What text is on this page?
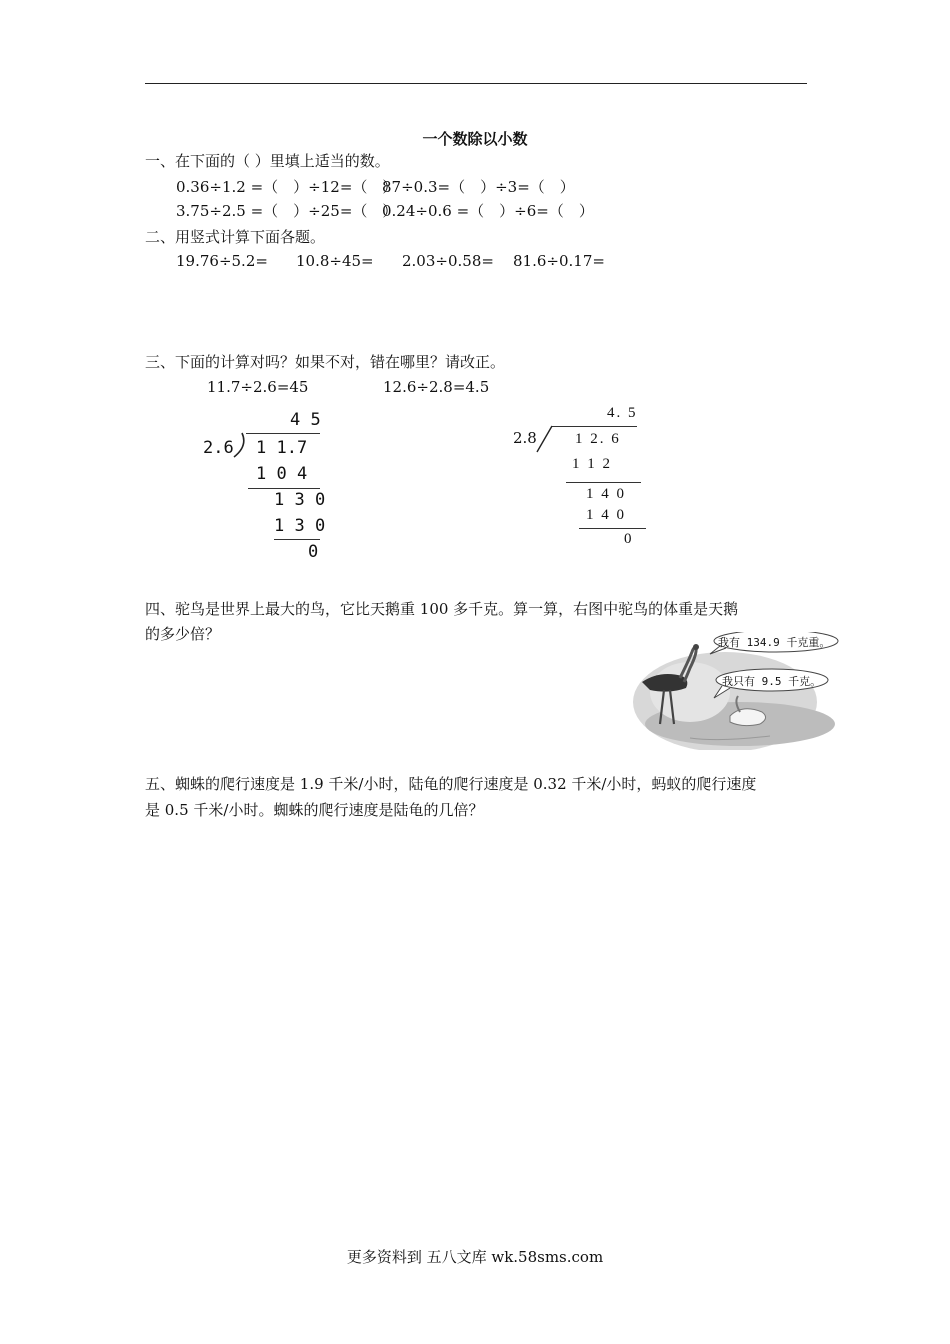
一个数除以小数
一、在下面的（ ）里填上适当的数。
0.36÷1.2 =（　）÷12=（　）
87÷0.3=（　）÷3=（　）
3.75÷2.5 =（　）÷25=（　）
0.24÷0.6 =（　）÷6=（　）
二、用竖式计算下面各题。
19.76÷5.2= 10.8÷45= 2.03÷0.58= 81.6÷0.17=
三、下面的计算对吗？如果不对，错在哪里？请改正。
11.7÷2.6=45	12.6÷2.8=4.5
4 5
2.6 1 1.7
1 0 4
1 3 0
1 3 0
0
4. 5
2.8	1 2. 6
1 1 2
1 4 0
1 4 0
0
四、驼鸟是世界上最大的鸟，它比天鹅重 100 多千克。算一算，右图中驼鸟的体重是天鹅
的多少倍？	我有 134.9 千克重。
我只有 9.5 千克。
五、蜘蛛的爬行速度是 1.9 千米/小时，陆龟的爬行速度是 0.32 千米/小时，蚂蚁的爬行速度
是 0.5 千米/小时。蜘蛛的爬行速度是陆龟的几倍？
更多资料到 五八文库 wk.58sms.com
